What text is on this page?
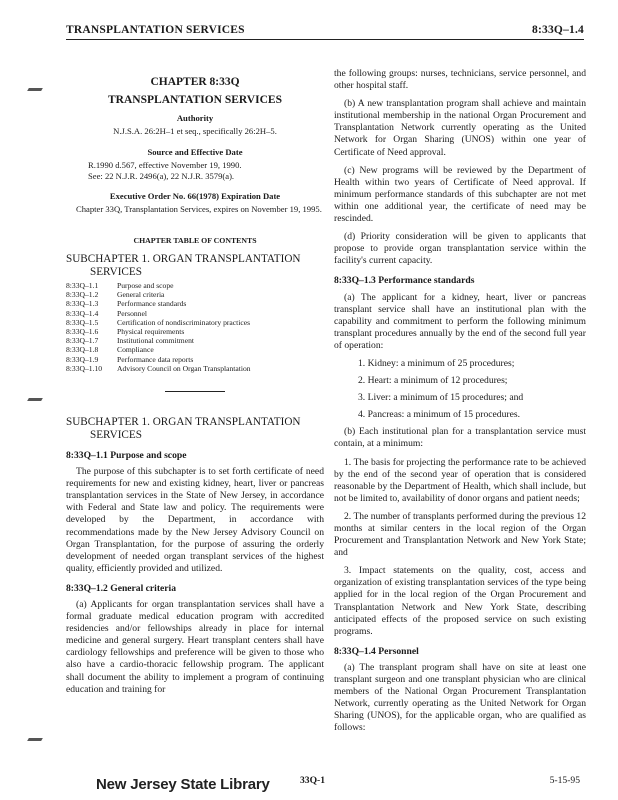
TRANSPLANTATION SERVICES	8:33Q–1.4
CHAPTER 8:33Q
TRANSPLANTATION SERVICES
Authority
N.J.S.A. 26:2H–1 et seq., specifically 26:2H–5.
Source and Effective Date
R.1990 d.567, effective November 19, 1990.
See: 22 N.J.R. 2496(a), 22 N.J.R. 3579(a).
Executive Order No. 66(1978) Expiration Date
Chapter 33Q, Transplantation Services, expires on November 19, 1995.
CHAPTER TABLE OF CONTENTS
SUBCHAPTER 1. ORGAN TRANSPLANTATION
SERVICES
8:33Q–1.1	Purpose and scope
8:33Q–1.2	General criteria
8:33Q–1.3	Performance standards
8:33Q–1.4	Personnel
8:33Q–1.5	Certification of nondiscriminatory practices
8:33Q–1.6	Physical requirements
8:33Q–1.7	Institutional commitment
8:33Q–1.8	Compliance
8:33Q–1.9	Performance data reports
8:33Q–1.10	Advisory Council on Organ Transplantation
SUBCHAPTER 1. ORGAN TRANSPLANTATION
SERVICES
8:33Q–1.1 Purpose and scope

The purpose of this subchapter is to set forth certificate of need requirements for new and existing kidney, heart, liver or pancreas transplantation services in the State of New Jersey, in accordance with Federal and State law and policy. The requirements were developed by the Department, in accordance with recommendations made by the New Jersey Advisory Council on Organ Transplantation, for the purpose of assuring the orderly development of needed organ transplant services of the highest quality, efficiently provided and utilized.

8:33Q–1.2 General criteria

(a) Applicants for organ transplantation services shall have a formal graduate medical education program with accredited residencies and/or fellowships already in place for internal medicine and general surgery. Heart transplant centers shall have cardiology fellowships and preference will be given to those who also have a cardio-thoracic fellowship program. The applicant shall document the ability to implement a program of continuing education and training for

the following groups: nurses, technicians, service personnel, and other hospital staff.

(b) A new transplantation program shall achieve and maintain institutional membership in the national Organ Procurement and Transplantation Network currently operating as the United Network for Organ Sharing (UNOS) within one year of Certificate of Need approval.

(c) New programs will be reviewed by the Department of Health within two years of Certificate of Need approval. If minimum performance standards of this subchapter are not met within one additional year, the certificate of need may be rescinded.

(d) Priority consideration will be given to applicants that propose to provide organ transplantation service within the facility's current capacity.

8:33Q–1.3 Performance standards

(a) The applicant for a kidney, heart, liver or pancreas transplant service shall have an institutional plan with the capability and commitment to perform the following minimum transplant procedures annually by the end of the second full year of operation:

1. Kidney: a minimum of 25 procedures;
2. Heart: a minimum of 12 procedures;
3. Liver: a minimum of 15 procedures; and
4. Pancreas: a minimum of 15 procedures.

(b) Each institutional plan for a transplantation service must contain, at a minimum:

1. The basis for projecting the performance rate to be achieved by the end of the second year of operation that is considered reasonable by the Department of Health, which shall include, but not be limited to, availability of donor organs and patient needs;

2. The number of transplants performed during the previous 12 months at similar centers in the local region of the Organ Procurement and Transplantation Network and New York State; and

3. Impact statements on the quality, cost, access and organization of existing transplantation services of the type being applied for in the local region of the Organ Procurement and Transplantation Network and New York State, describing anticipated effects of the proposed service on such existing programs.

8:33Q–1.4 Personnel

(a) The transplant program shall have on site at least one transplant surgeon and one transplant physician who are clinical members of the National Organ Procurement Transplantation Network, currently operating as the United Network for Organ Sharing (UNOS), for the applicable organ, who are qualified as follows:

New Jersey State Library	33Q-1	5-15-95
